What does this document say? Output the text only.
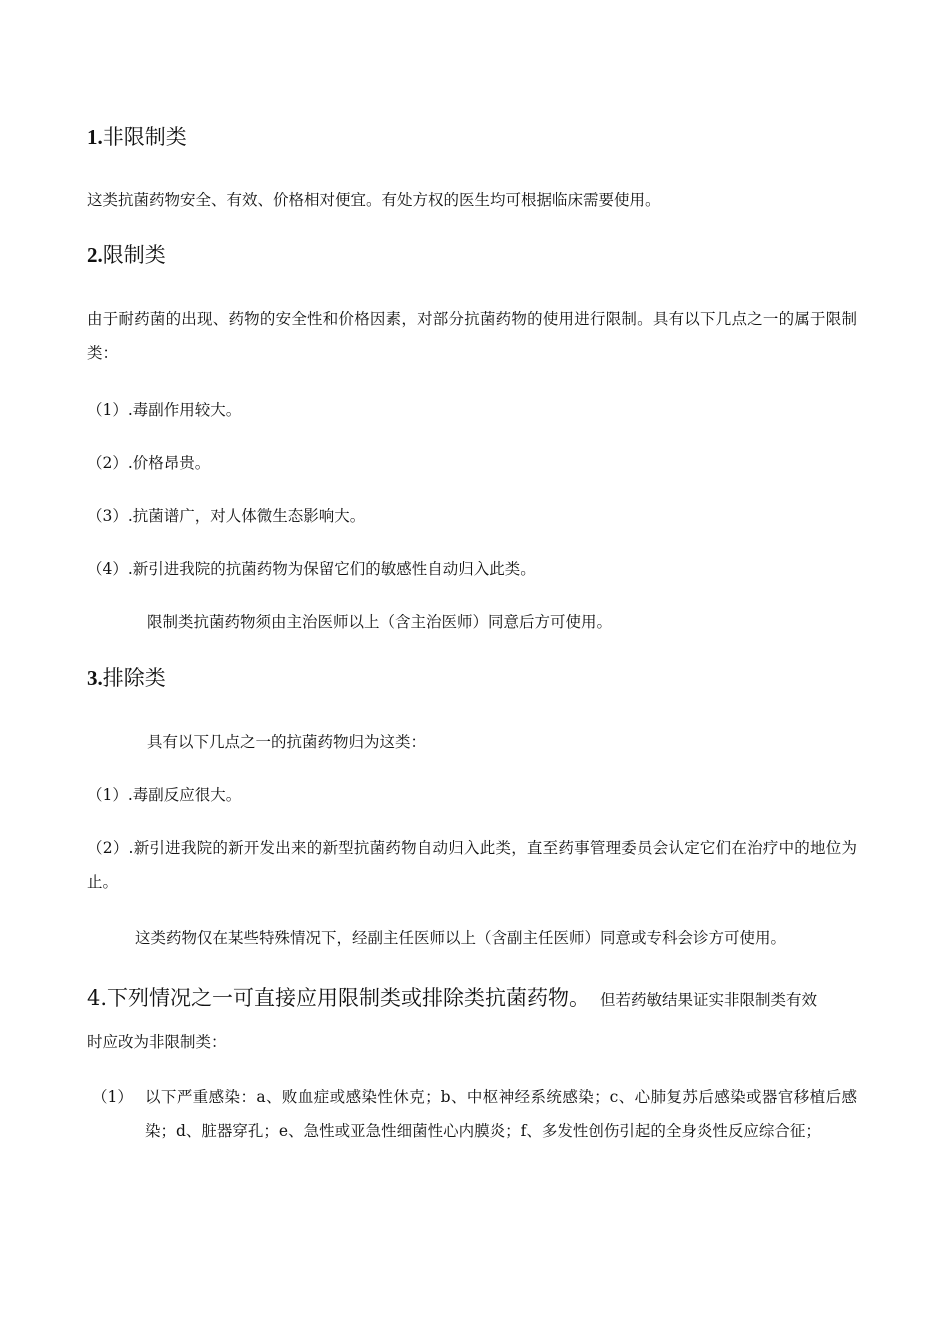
1.非限制类
这类抗菌药物安全、有效、价格相对便宜。有处方权的医生均可根据临床需要使用。
2.限制类
由于耐药菌的出现、药物的安全性和价格因素，对部分抗菌药物的使用进行限制。具有以下几点之一的属于限制类：
（1）.毒副作用较大。
（2）.价格昂贵。
（3）.抗菌谱广，对人体微生态影响大。
（4）.新引进我院的抗菌药物为保留它们的敏感性自动归入此类。
限制类抗菌药物须由主治医师以上（含主治医师）同意后方可使用。
3.排除类
具有以下几点之一的抗菌药物归为这类：
（1）.毒副反应很大。
（2）.新引进我院的新开发出来的新型抗菌药物自动归入此类，直至药事管理委员会认定它们在治疗中的地位为止。
这类药物仅在某些特殊情况下，经副主任医师以上（含副主任医师）同意或专科会诊方可使用。
4.下列情况之一可直接应用限制类或排除类抗菌药物。 但若药敏结果证实非限制类有效
时应改为非限制类：
（1） 以下严重感染：a、败血症或感染性休克；b、中枢神经系统感染；c、心肺复苏后感染或器官移植后感染；d、脏器穿孔；e、急性或亚急性细菌性心内膜炎；f、多发性创伤引起的全身炎性反应综合征；
